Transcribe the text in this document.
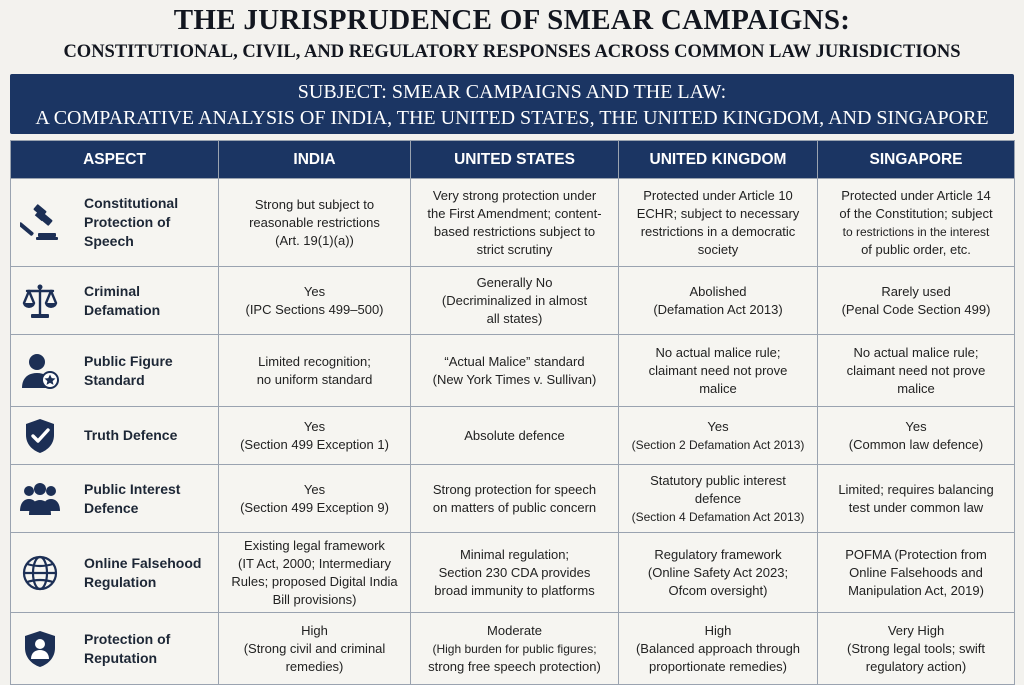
THE JURISPRUDENCE OF SMEAR CAMPAIGNS:
CONSTITUTIONAL, CIVIL, AND REGULATORY RESPONSES ACROSS COMMON LAW JURISDICTIONS
SUBJECT: SMEAR CAMPAIGNS AND THE LAW:
A COMPARATIVE ANALYSIS OF INDIA, THE UNITED STATES, THE UNITED KINGDOM, AND SINGAPORE
ASPECT	INDIA	UNITED STATES	UNITED KINGDOM	SINGAPORE

Constitutional
Protection of Speech	Strong but subject to
reasonable restrictions
(Art. 19(1)(a))	Very strong protection under
the First Amendment; content-
based restrictions subject to
strict scrutiny	Protected under Article 10
ECHR; subject to necessary
restrictions in a democratic
society	Protected under Article 14
of the Constitution; subject
to restrictions in the interest
of public order, etc.

Criminal Defamation	Yes
(IPC Sections 499–500)	Generally No
(Decriminalized in almost
all states)	Abolished
(Defamation Act 2013)	Rarely used
(Penal Code Section 499)

Public Figure
Standard	Limited recognition;
no uniform standard	“Actual Malice” standard
(New York Times v. Sullivan)	No actual malice rule;
claimant need not prove
malice	No actual malice rule;
claimant need not prove
malice

Truth Defence	Yes
(Section 499 Exception 1)	Absolute defence	Yes
(Section 2 Defamation Act 2013)	Yes
(Common law defence)

Public Interest
Defence	Yes
(Section 499 Exception 9)	Strong protection for speech
on matters of public concern	Statutory public interest
defence
(Section 4 Defamation Act 2013)	Limited; requires balancing
test under common law

Online Falsehood
Regulation	Existing legal framework
(IT Act, 2000; Intermediary
Rules; proposed Digital India
Bill provisions)	Minimal regulation;
Section 230 CDA provides
broad immunity to platforms	Regulatory framework
(Online Safety Act 2023;
Ofcom oversight)	POFMA (Protection from
Online Falsehoods and
Manipulation Act, 2019)

Protection of
Reputation	High
(Strong civil and criminal
remedies)	Moderate
(High burden for public figures;
strong free speech protection)	High
(Balanced approach through
proportionate remedies)	Very High
(Strong legal tools; swift
regulatory action)
